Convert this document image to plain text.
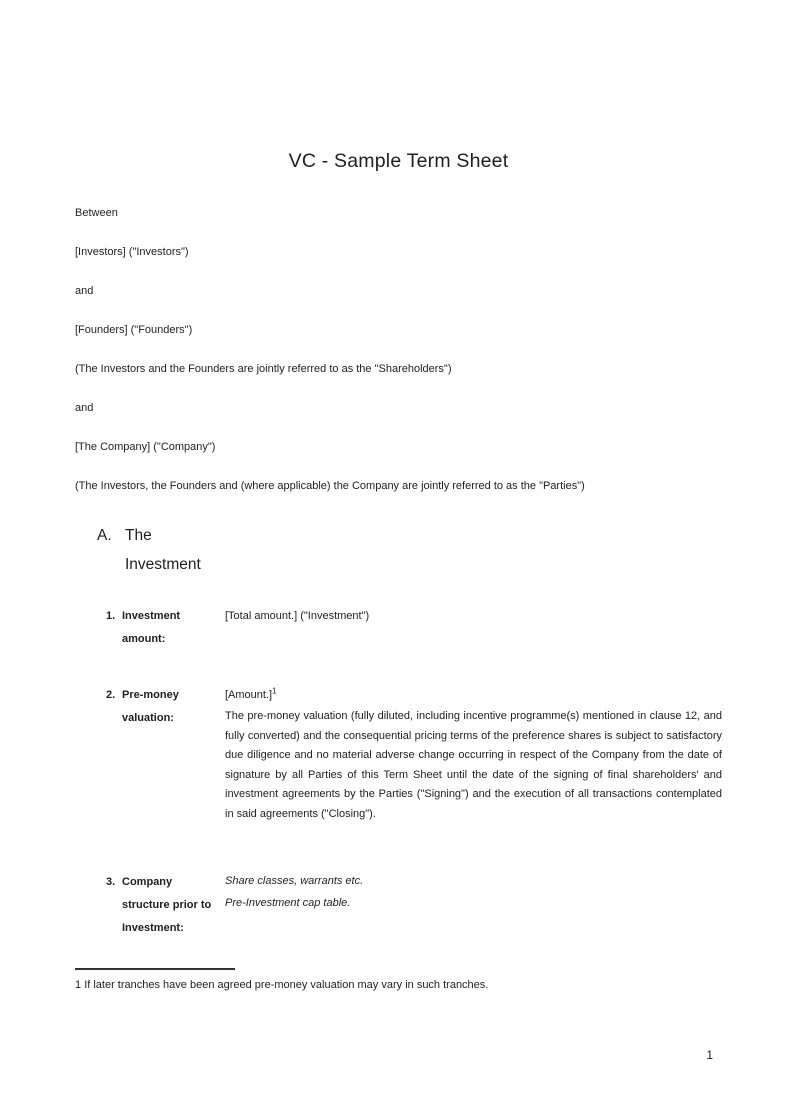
VC - Sample Term Sheet

Between

[Investors] ("Investors")

and

[Founders] ("Founders")

(The Investors and the Founders are jointly referred to as the "Shareholders")

and

[The Company] ("Company")

(The Investors, the Founders and (where applicable) the Company are jointly referred to as the "Parties")

A. The Investment
1. Investment amount:
[Total amount.] ("Investment")
2. Pre-money valuation:
[Amount.]$^1$

The pre-money valuation (fully diluted, including incentive programme(s) mentioned in clause 12, and fully converted) and the consequential pricing terms of the preference shares is subject to satisfactory due diligence and no material adverse change occurring in respect of the Company from the date of signature by all Parties of this Term Sheet until the date of the signing of final shareholders' and investment agreements by the Parties ("Signing") and the execution of all transactions contemplated in said agreements ("Closing").

3. Company structure prior to Investment:
Share classes, warrants etc.
Pre-Investment cap table.

1 If later tranches have been agreed pre-money valuation may vary in such tranches.

1
